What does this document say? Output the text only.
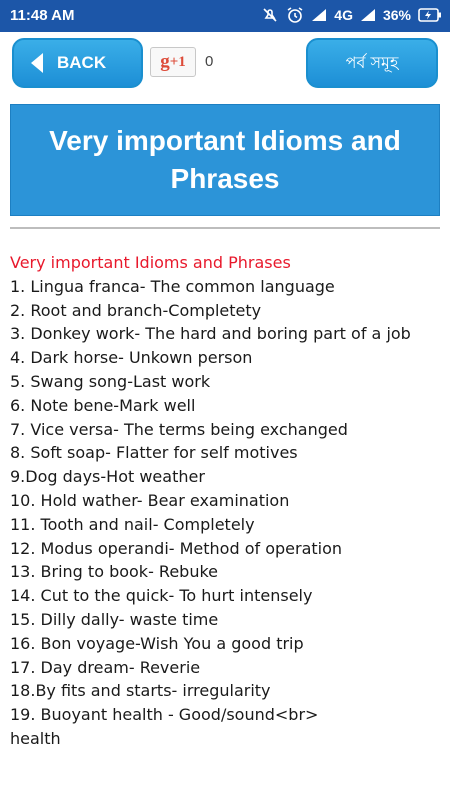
11:48 AM	4G 36%
BACK	g +1 0	পর্ব সমূহ
Very important Idioms and Phrases
Very important Idioms and Phrases
1. Lingua franca- The common language
2. Root and branch-Completety
3. Donkey work- The hard and boring part of a job
4. Dark horse- Unkown person
5. Swang song-Last work
6. Note bene-Mark well
7. Vice versa- The terms being exchanged
8. Soft soap- Flatter for self motives
9.Dog days-Hot weather
10. Hold wather- Bear examination
11. Tooth and nail- Completely
12. Modus operandi- Method of operation
13. Bring to book- Rebuke
14. Cut to the quick- To hurt intensely
15. Dilly dally- waste time
16. Bon voyage-Wish You a good trip
17. Day dream- Reverie
18.By fits and starts- irregularity
19. Buoyant health - Good/sound<br>
health
